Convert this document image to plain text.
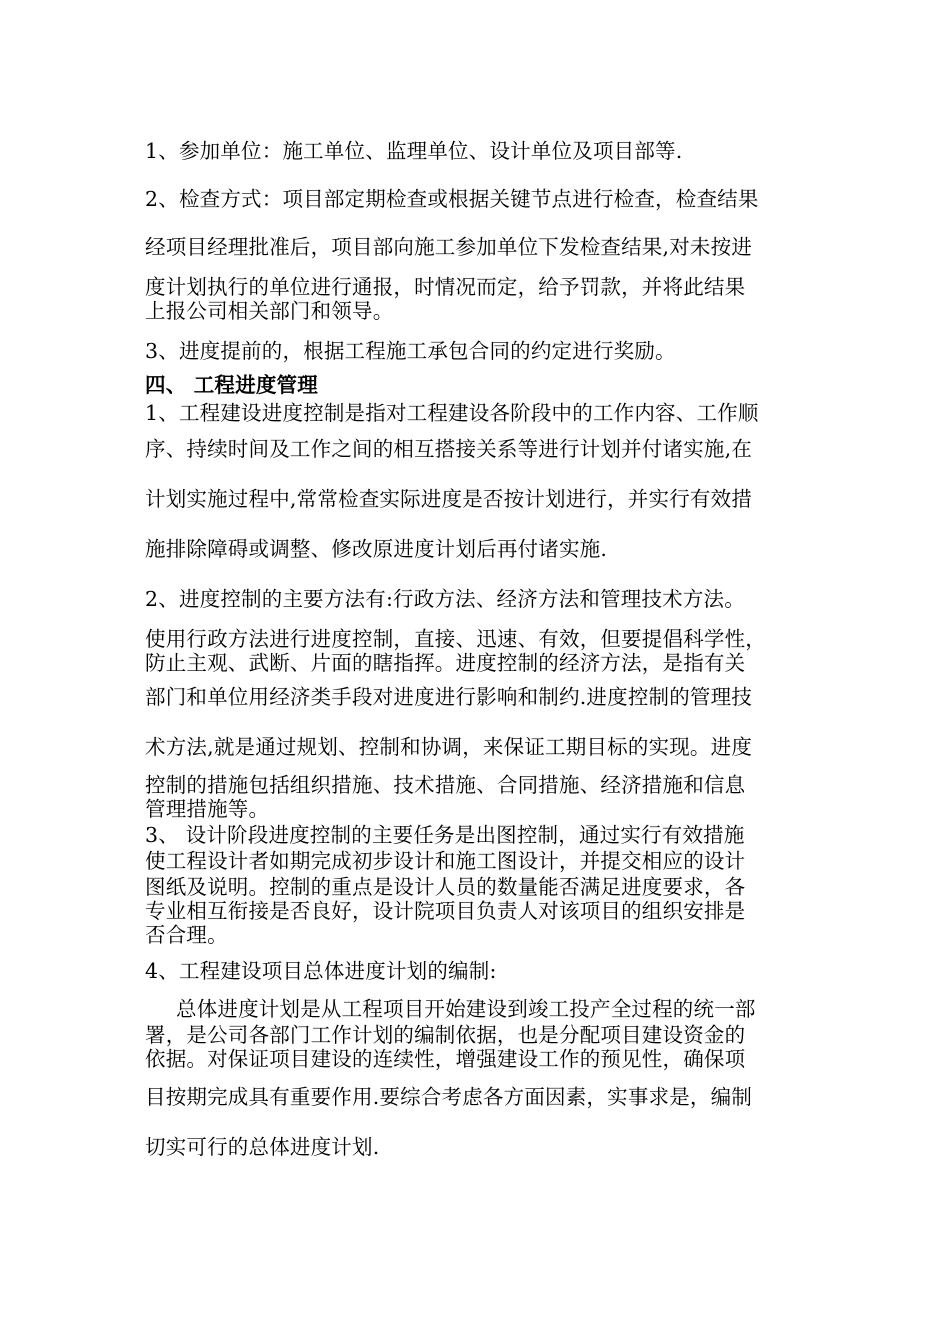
1、参加单位：施工单位、监理单位、设计单位及项目部等.
2、检查方式：项目部定期检查或根据关键节点进行检查，检查结果
经项目经理批准后，项目部向施工参加单位下发检查结果,对未按进
度计划执行的单位进行通报，时情况而定，给予罚款，并将此结果
上报公司相关部门和领导。
3、进度提前的，根据工程施工承包合同的约定进行奖励。
四、 工程进度管理
1、工程建设进度控制是指对工程建设各阶段中的工作内容、工作顺
序、持续时间及工作之间的相互搭接关系等进行计划并付诸实施,在
计划实施过程中,常常检查实际进度是否按计划进行，并实行有效措
施排除障碍或调整、修改原进度计划后再付诸实施.
2、进度控制的主要方法有:行政方法、经济方法和管理技术方法。
使用行政方法进行进度控制，直接、迅速、有效，但要提倡科学性，
防止主观、武断、片面的瞎指挥。进度控制的经济方法，是指有关
部门和单位用经济类手段对进度进行影响和制约.进度控制的管理技
术方法,就是通过规划、控制和协调，来保证工期目标的实现。进度
控制的措施包括组织措施、技术措施、合同措施、经济措施和信息
管理措施等。
3、 设计阶段进度控制的主要任务是出图控制，通过实行有效措施
使工程设计者如期完成初步设计和施工图设计，并提交相应的设计
图纸及说明。控制的重点是设计人员的数量能否满足进度要求，各
专业相互衔接是否良好，设计院项目负责人对该项目的组织安排是
否合理。
4、工程建设项目总体进度计划的编制:
总体进度计划是从工程项目开始建设到竣工投产全过程的统一部
署，是公司各部门工作计划的编制依据，也是分配项目建设资金的
依据。对保证项目建设的连续性，增强建设工作的预见性，确保项
目按期完成具有重要作用.要综合考虑各方面因素，实事求是，编制
切实可行的总体进度计划.
